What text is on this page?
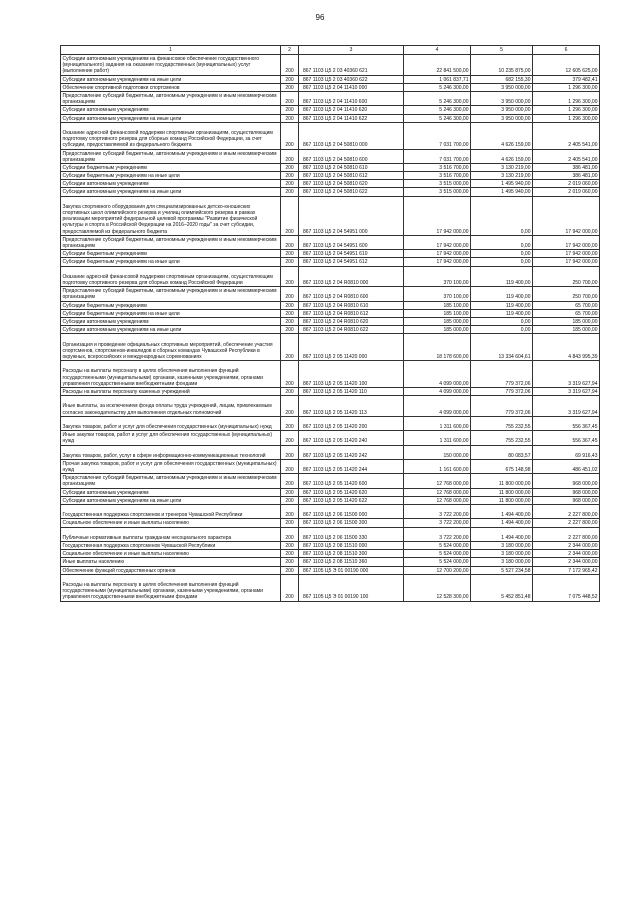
96
1	2	3	4	5	6
Субсидии автономным учреждениям на финансовое обеспечение государственного (муниципального) задания на оказание государственных (муниципальных) услуг (выполнение работ)	200	867 1103 Ц5 2 03 40360 621	22 841 500,00	10 235 875,00	12 605 625,00
Субсидии автономным учреждениям на иные цели	200	867 1103 Ц5 2 03 40360 622	1 061 837,71	682 155,30	379 482,41
Обеспечение спортивной подготовки спортсменов	200	867 1103 Ц5 2 04 11410 000	5 246 300,00	3 950 000,00	1 296 300,00
Предоставление субсидий бюджетным, автономным учреждениям и иным некоммерческим организациям	200	867 1103 Ц5 2 04 11410 600	5 246 300,00	3 950 000,00	1 296 300,00
Субсидии автономным учреждениям	200	867 1103 Ц5 2 04 11410 620	5 246 300,00	3 950 000,00	1 296 300,00
Субсидии автономным учреждениям на иные цели	200	867 1103 Ц5 2 04 11410 622	5 246 300,00	3 950 000,00	1 296 300,00
Оказание адресной финансовой поддержки спортивным организациям, осуществляющим подготовку спортивного резерва для сборных команд Российской Федерации, за счет субсидии, предоставляемой из федерального бюджета	200	867 1103 Ц5 2 04 50810 000	7 031 700,00	4 626 159,00	2 405 541,00
Предоставление субсидий бюджетным, автономным учреждениям и иным некоммерческим организациям	200	867 1103 Ц5 2 04 50810 600	7 031 700,00	4 626 159,00	2 405 541,00
Субсидии бюджетным учреждениям	200	867 1103 Ц5 2 04 50810 610	3 516 700,00	3 130 219,00	386 481,00
Субсидии бюджетным учреждениям на иные цели	200	867 1103 Ц5 2 04 50810 612	3 516 700,00	3 130 219,00	386 481,00
Субсидии автономным учреждениям	200	867 1103 Ц5 2 04 50810 620	3 515 000,00	1 495 940,00	2 019 060,00
Субсидии автономным учреждениям на иные цели	200	867 1103 Ц5 2 04 50810 622	3 515 000,00	1 495 940,00	2 019 060,00
Закупка спортивного оборудования для специализированных детско-юношеских спортивных школ олимпийского резерва и училищ олимпийского резерва в рамках реализации мероприятий федеральной целевой программы "Развитие физической культуры и спорта в Российской Федерации на 2016–2020 годы" за счет субсидии, предоставляемой из федерального бюджета	200	867 1103 Ц5 2 04 54951 000	17 942 000,00	0,00	17 942 000,00
Предоставление субсидий бюджетным, автономным учреждениям и иным некоммерческим организациям	200	867 1103 Ц5 2 04 54951 600	17 942 000,00	0,00	17 942 000,00
Субсидии бюджетным учреждениям	200	867 1103 Ц5 2 04 54951 610	17 942 000,00	0,00	17 942 000,00
Субсидии бюджетным учреждениям на иные цели	200	867 1103 Ц5 2 04 54951 612	17 942 000,00	0,00	17 942 000,00
Оказание адресной финансовой поддержки спортивным организациям, осуществляющим подготовку спортивного резерва для сборных команд Российской Федерации	200	867 1103 Ц5 2 04 R0810 000	370 100,00	119 400,00	250 700,00
Предоставление субсидий бюджетным, автономным учреждениям и иным некоммерческим организациям	200	867 1103 Ц5 2 04 R0810 600	370 100,00	119 400,00	250 700,00
Субсидии бюджетным учреждениям	200	867 1103 Ц5 2 04 R0810 610	185 100,00	119 400,00	65 700,00
Субсидии бюджетным учреждениям на иные цели	200	867 1103 Ц5 2 04 R0810 612	185 100,00	119 400,00	65 700,00
Субсидии автономным учреждениям	200	867 1103 Ц5 2 04 R0810 620	185 000,00	0,00	185 000,00
Субсидии автономным учреждениям на иные цели	200	867 1103 Ц5 2 04 R0810 622	185 000,00	0,00	185 000,00
Организация и проведение официальных спортивных мероприятий, обеспечение участия спортсменов, спортсменов-инвалидов в сборных командах Чувашской Республики в окружных, всероссийских и международных соревнованиях	200	867 1103 Ц5 2 05 11420 000	18 178 600,00	13 334 604,61	4 843 995,39
Расходы на выплаты персоналу в целях обеспечения выполнения функций государственными (муниципальными) органами, казенными учреждениями, органами управления государственными внебюджетными фондами	200	867 1103 Ц5 2 05 11420 100	4 099 000,00	779 372,06	3 319 627,94
Расходы на выплаты персоналу казенных учреждений	200	867 1103 Ц5 2 05 11420 110	4 099 000,00	779 372,06	3 319 627,94
Иные выплаты, за исключением фонда оплаты труда учреждений, лицам, привлекаемым согласно законодательству для выполнения отдельных полномочий	200	867 1103 Ц5 2 05 11420 113	4 099 000,00	779 372,06	3 319 627,94
Закупка товаров, работ и услуг для обеспечения государственных (муниципальных) нужд	200	867 1103 Ц5 2 05 11420 200	1 311 600,00	755 232,55	556 367,45
Иные закупки товаров, работ и услуг для обеспечения государственных (муниципальных) нужд	200	867 1103 Ц5 2 05 11420 240	1 311 600,00	755 232,55	556 367,45
Закупка товаров, работ, услуг в сфере информационно-коммуникационных технологий	200	867 1103 Ц5 2 05 11420 242	150 000,00	80 083,57	69 916,43
Прочая закупка товаров, работ и услуг для обеспечения государственных (муниципальных) нужд	200	867 1103 Ц5 2 05 11420 244	1 161 600,00	675 148,98	486 451,02
Предоставление субсидий бюджетным, автономным учреждениям и иным некоммерческим организациям	200	867 1103 Ц5 2 05 11420 600	12 768 000,00	11 800 000,00	968 000,00
Субсидии автономным учреждениям	200	867 1103 Ц5 2 05 11420 620	12 768 000,00	11 800 000,00	968 000,00
Субсидии автономным учреждениям на иные цели	200	867 1103 Ц5 2 05 11420 622	12 768 000,00	11 800 000,00	968 000,00
Государственная поддержка спортсменов и тренеров Чувашской Республики	200	867 1103 Ц5 2 06 11500 000	3 722 200,00	1 494 400,00	2 227 800,00
Социальное обеспечение и иные выплаты населению	200	867 1103 Ц5 2 06 11500 300	3 722 200,00	1 494 400,00	2 227 800,00
Публичные нормативные выплаты гражданам несоциального характера	200	867 1103 Ц5 2 06 11500 330	3 722 200,00	1 494 400,00	2 227 800,00
Государственная поддержка спортсменов Чувашской Республики	200	867 1103 Ц5 2 08 11510 000	5 524 000,00	3 180 000,00	2 344 000,00
Социальное обеспечение и иные выплаты населению	200	867 1103 Ц5 2 08 11510 300	5 524 000,00	3 180 000,00	2 344 000,00
Иные выплаты населению	200	867 1103 Ц5 2 08 11510 360	5 524 000,00	3 180 000,00	2 344 000,00
Обеспечение функций государственных органов	200	867 1105 Ц5 Э 01 00190 000	12 700 200,00	5 527 234,58	7 172 965,42
Расходы на выплаты персоналу в целях обеспечения выполнения функций государственными (муниципальными) органами, казенными учреждениями, органами управления государственными внебюджетными фондами	200	867 1105 Ц5 Э 01 00190 100	12 528 300,00	5 452 851,48	7 075 448,52
